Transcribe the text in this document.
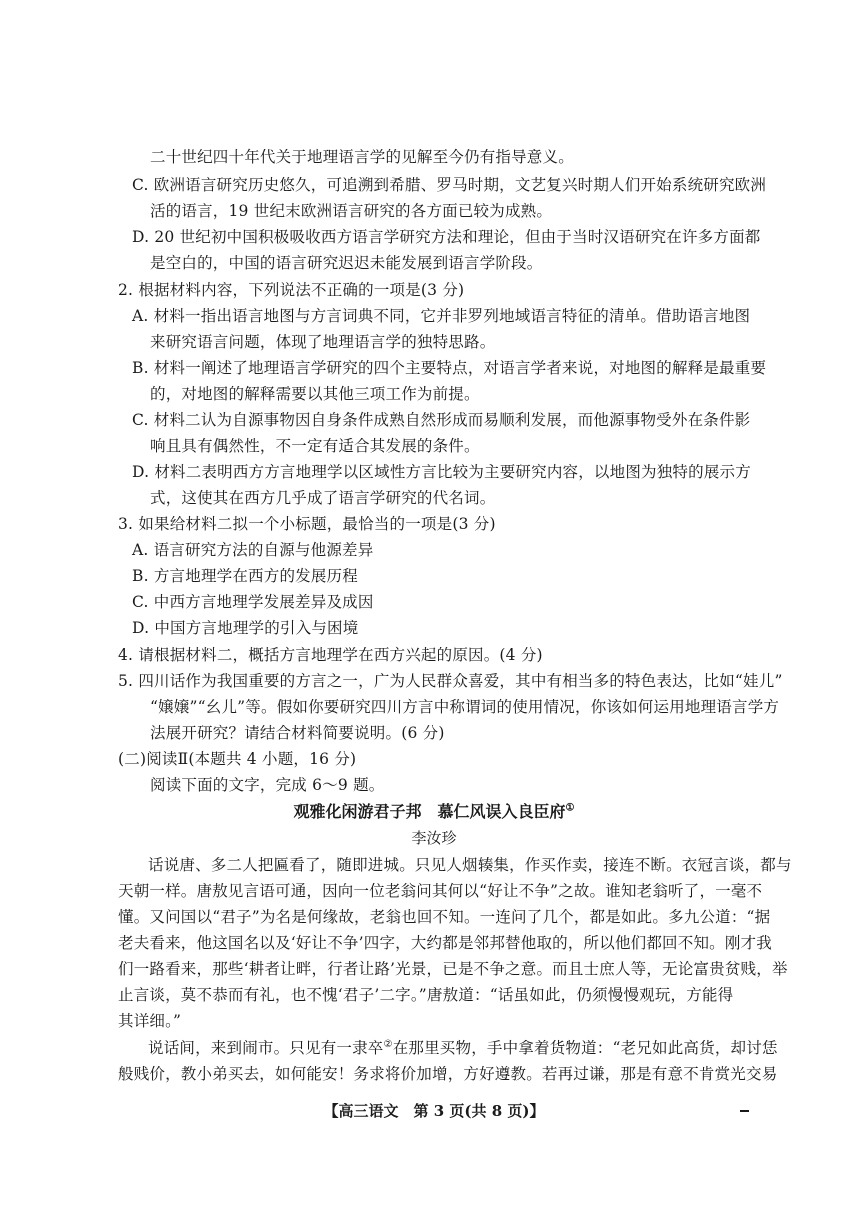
二十世纪四十年代关于地理语言学的见解至今仍有指导意义。
C. 欧洲语言研究历史悠久，可追溯到希腊、罗马时期，文艺复兴时期人们开始系统研究欧洲
活的语言，19 世纪末欧洲语言研究的各方面已较为成熟。
D. 20 世纪初中国积极吸收西方语言学研究方法和理论，但由于当时汉语研究在许多方面都
是空白的，中国的语言研究迟迟未能发展到语言学阶段。
2. 根据材料内容，下列说法不正确的一项是(3 分)
A. 材料一指出语言地图与方言词典不同，它并非罗列地域语言特征的清单。借助语言地图
来研究语言问题，体现了地理语言学的独特思路。
B. 材料一阐述了地理语言学研究的四个主要特点，对语言学者来说，对地图的解释是最重要
的，对地图的解释需要以其他三项工作为前提。
C. 材料二认为自源事物因自身条件成熟自然形成而易顺利发展，而他源事物受外在条件影
响且具有偶然性，不一定有适合其发展的条件。
D. 材料二表明西方方言地理学以区域性方言比较为主要研究内容，以地图为独特的展示方
式，这使其在西方几乎成了语言学研究的代名词。
3. 如果给材料二拟一个小标题，最恰当的一项是(3 分)
A. 语言研究方法的自源与他源差异
B. 方言地理学在西方的发展历程
C. 中西方言地理学发展差异及成因
D. 中国方言地理学的引入与困境
4. 请根据材料二，概括方言地理学在西方兴起的原因。(4 分)
5. 四川话作为我国重要的方言之一，广为人民群众喜爱，其中有相当多的特色表达，比如“娃儿”
“嬢嬢”“幺儿”等。假如你要研究四川方言中称谓词的使用情况，你该如何运用地理语言学方
法展开研究？请结合材料简要说明。(6 分)
(二)阅读Ⅱ(本题共 4 小题，16 分)
阅读下面的文字，完成 6～9 题。
观雅化闲游君子邦　慕仁风误入良臣府①
李汝珍
话说唐、多二人把匾看了，随即进城。只见人烟辏集，作买作卖，接连不断。衣冠言谈，都与
天朝一样。唐敖见言语可通，因向一位老翁问其何以“好让不争”之故。谁知老翁听了，一毫不
懂。又问国以“君子”为名是何缘故，老翁也回不知。一连问了几个，都是如此。多九公道：“据
老夫看来，他这国名以及‘好让不争’四字，大约都是邻邦替他取的，所以他们都回不知。刚才我
们一路看来，那些‘耕者让畔，行者让路’光景，已是不争之意。而且士庶人等，无论富贵贫贱，举
止言谈，莫不恭而有礼，也不愧‘君子’二字。”唐敖道：“话虽如此，仍须慢慢观玩，方能得
其详细。”
说话间，来到闹市。只见有一隶卒②在那里买物，手中拿着货物道：“老兄如此高货，却讨恁
般贱价，教小弟买去，如何能安！务求将价加增，方好遵教。若再过谦，那是有意不肯赏光交易
【高三语文　第 3 页(共 8 页)】
